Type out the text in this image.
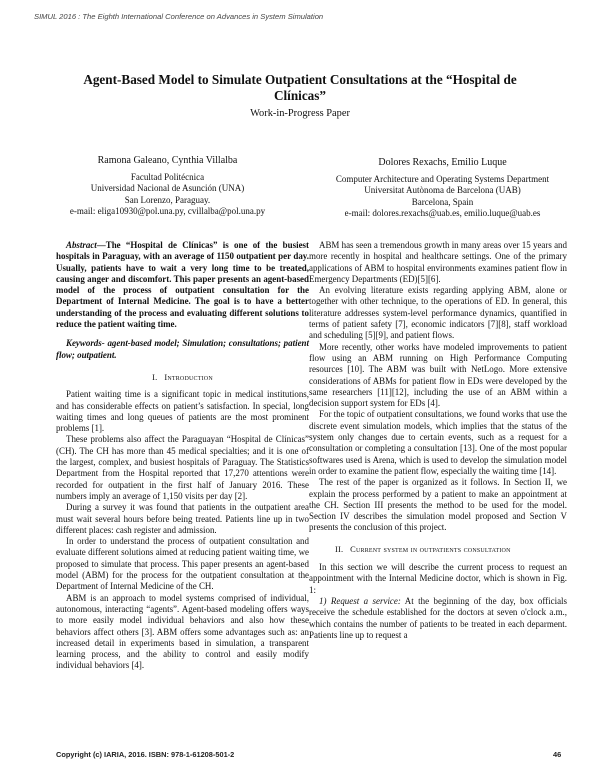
SIMUL 2016 : The Eighth International Conference on Advances in System Simulation
Agent-Based Model to Simulate Outpatient Consultations at the “Hospital de Clínicas”
Work-in-Progress Paper
Ramona Galeano, Cynthia Villalba
Facultad Politécnica
Universidad Nacional de Asunción (UNA)
San Lorenzo, Paraguay.
e-mail: eliga10930@pol.una.py, cvillalba@pol.una.py
Dolores Rexachs, Emilio Luque
Computer Architecture and Operating Systems Department
Universitat Autònoma de Barcelona (UAB)
Barcelona, Spain
e-mail: dolores.rexachs@uab.es, emilio.luque@uab.es

Abstract—The “Hospital de Clínicas” is one of the busiest hospitals in Paraguay, with an average of 1150 outpatient per day. Usually, patients have to wait a very long time to be treated, causing anger and discomfort. This paper presents an agent-based model of the process of outpatient consultation for the Department of Internal Medicine. The goal is to have a better understanding of the process and evaluating different solutions to reduce the patient waiting time.

Keywords- agent-based model; Simulation; consultations; patient flow; outpatient.

I. Introduction

Patient waiting time is a significant topic in medical institutions, and has considerable effects on patient’s satisfaction. In special, long waiting times and long queues of patients are the most prominent problems [1].

These problems also affect the Paraguayan “Hospital de Clínicas” (CH). The CH has more than 45 medical specialties; and it is one of the largest, complex, and busiest hospitals of Paraguay. The Statistics Department from the Hospital reported that 17,270 attentions were recorded for outpatient in the first half of January 2016. These numbers imply an average of 1,150 visits per day [2].

During a survey it was found that patients in the outpatient area must wait several hours before being treated. Patients line up in two different places: cash register and admission.

In order to understand the process of outpatient consultation and evaluate different solutions aimed at reducing patient waiting time, we proposed to simulate that process. This paper presents an agent-based model (ABM) for the process for the outpatient consultation at the Department of Internal Medicine of the CH.

ABM is an approach to model systems comprised of individual, autonomous, interacting “agents”. Agent-based modeling offers ways to more easily model individual behaviors and also how these behaviors affect others [3]. ABM offers some advantages such as: an increased detail in experiments based in simulation, a transparent learning process, and the ability to control and easily modify individual behaviors [4].

ABM has seen a tremendous growth in many areas over 15 years and more recently in hospital and healthcare settings. One of the primary applications of ABM to hospital environments examines patient flow in Emergency Departments (ED)[5][6].

An evolving literature exists regarding applying ABM, alone or together with other technique, to the operations of ED. In general, this literature addresses system-level performance dynamics, quantified in terms of patient safety [7], economic indicators [7][8], staff workload and scheduling [5][9], and patient flows.

More recently, other works have modeled improvements to patient flow using an ABM running on High Performance Computing resources [10]. The ABM was built with NetLogo. More extensive considerations of ABMs for patient flow in EDs were developed by the same researchers [11][12], including the use of an ABM within a decision support system for EDs [4].

For the topic of outpatient consultations, we found works that use the discrete event simulation models, which implies that the status of the system only changes due to certain events, such as a request for a consultation or completing a consultation [13]. One of the most popular softwares used is Arena, which is used to develop the simulation model in order to examine the patient flow, especially the waiting time [14].

The rest of the paper is organized as it follows. In Section II, we explain the process performed by a patient to make an appointment at the CH. Section III presents the method to be used for the model. Section IV describes the simulation model proposed and Section V presents the conclusion of this project.

II. Current system in outpatients consultation

In this section we will describe the current process to request an appointment with the Internal Medicine doctor, which is shown in Fig. 1:

1) Request a service: At the beginning of the day, box officials receive the schedule established for the doctors at seven o'clock a.m., which contains the number of patients to be treated in each deparment. Patients line up to request a

Copyright (c) IARIA, 2016. ISBN: 978-1-61208-501-2	46
